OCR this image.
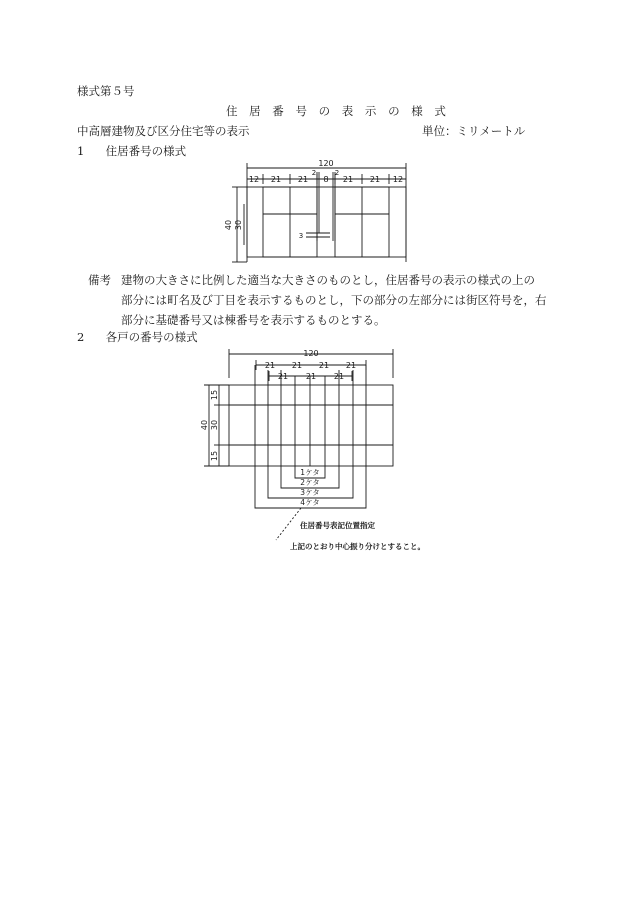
様式第５号
住 居 番 号 の 表 示 の 様 式
中高層建物及び区分住宅等の表示	単位：ミリメートル
1 住居番号の様式
備考 建物の大きさに比例した適当な大きさのものとし，住居番号の表示の様式の上の
部分には町名及び丁目を表示するものとし，下の部分の左部分には街区符号を，右
部分に基礎番号又は棟番号を表示するものとする。
2 各戸の番号の様式
120
12 21 21 8 21 21 12
2	2
3
40 30
120
21 21 21 21
21 21 21
40
15
30
15
1ケタ
2ケタ
3ケタ
4ケタ
住居番号表記位置指定
上記のとおり中心振り分けとすること。
